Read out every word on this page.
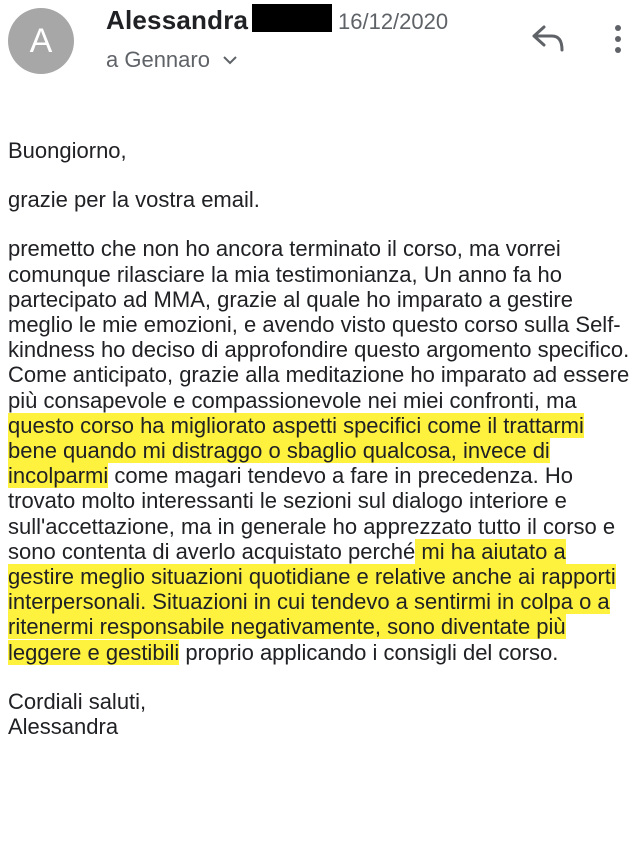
A
Alessandra	16/12/2020
a Gennaro

Buongiorno,

grazie per la vostra email.

premetto che non ho ancora terminato il corso, ma vorrei comunque rilasciare la mia testimonianza, Un anno fa ho partecipato ad MMA, grazie al quale ho imparato a gestire meglio le mie emozioni, e avendo visto questo corso sulla Self-kindness ho deciso di approfondire questo argomento specifico. Come anticipato, grazie alla meditazione ho imparato ad essere più consapevole e compassionevole nei miei confronti, ma questo corso ha migliorato aspetti specifici come il trattarmi bene quando mi distraggo o sbaglio qualcosa, invece di incolparmi come magari tendevo a fare in precedenza. Ho trovato molto interessanti le sezioni sul dialogo interiore e sull'accettazione, ma in generale ho apprezzato tutto il corso e sono contenta di averlo acquistato perché mi ha aiutato a gestire meglio situazioni quotidiane e relative anche ai rapporti interpersonali. Situazioni in cui tendevo a sentirmi in colpa o a ritenermi responsabile negativamente, sono diventate più leggere e gestibili proprio applicando i consigli del corso.

Cordiali saluti,
Alessandra
